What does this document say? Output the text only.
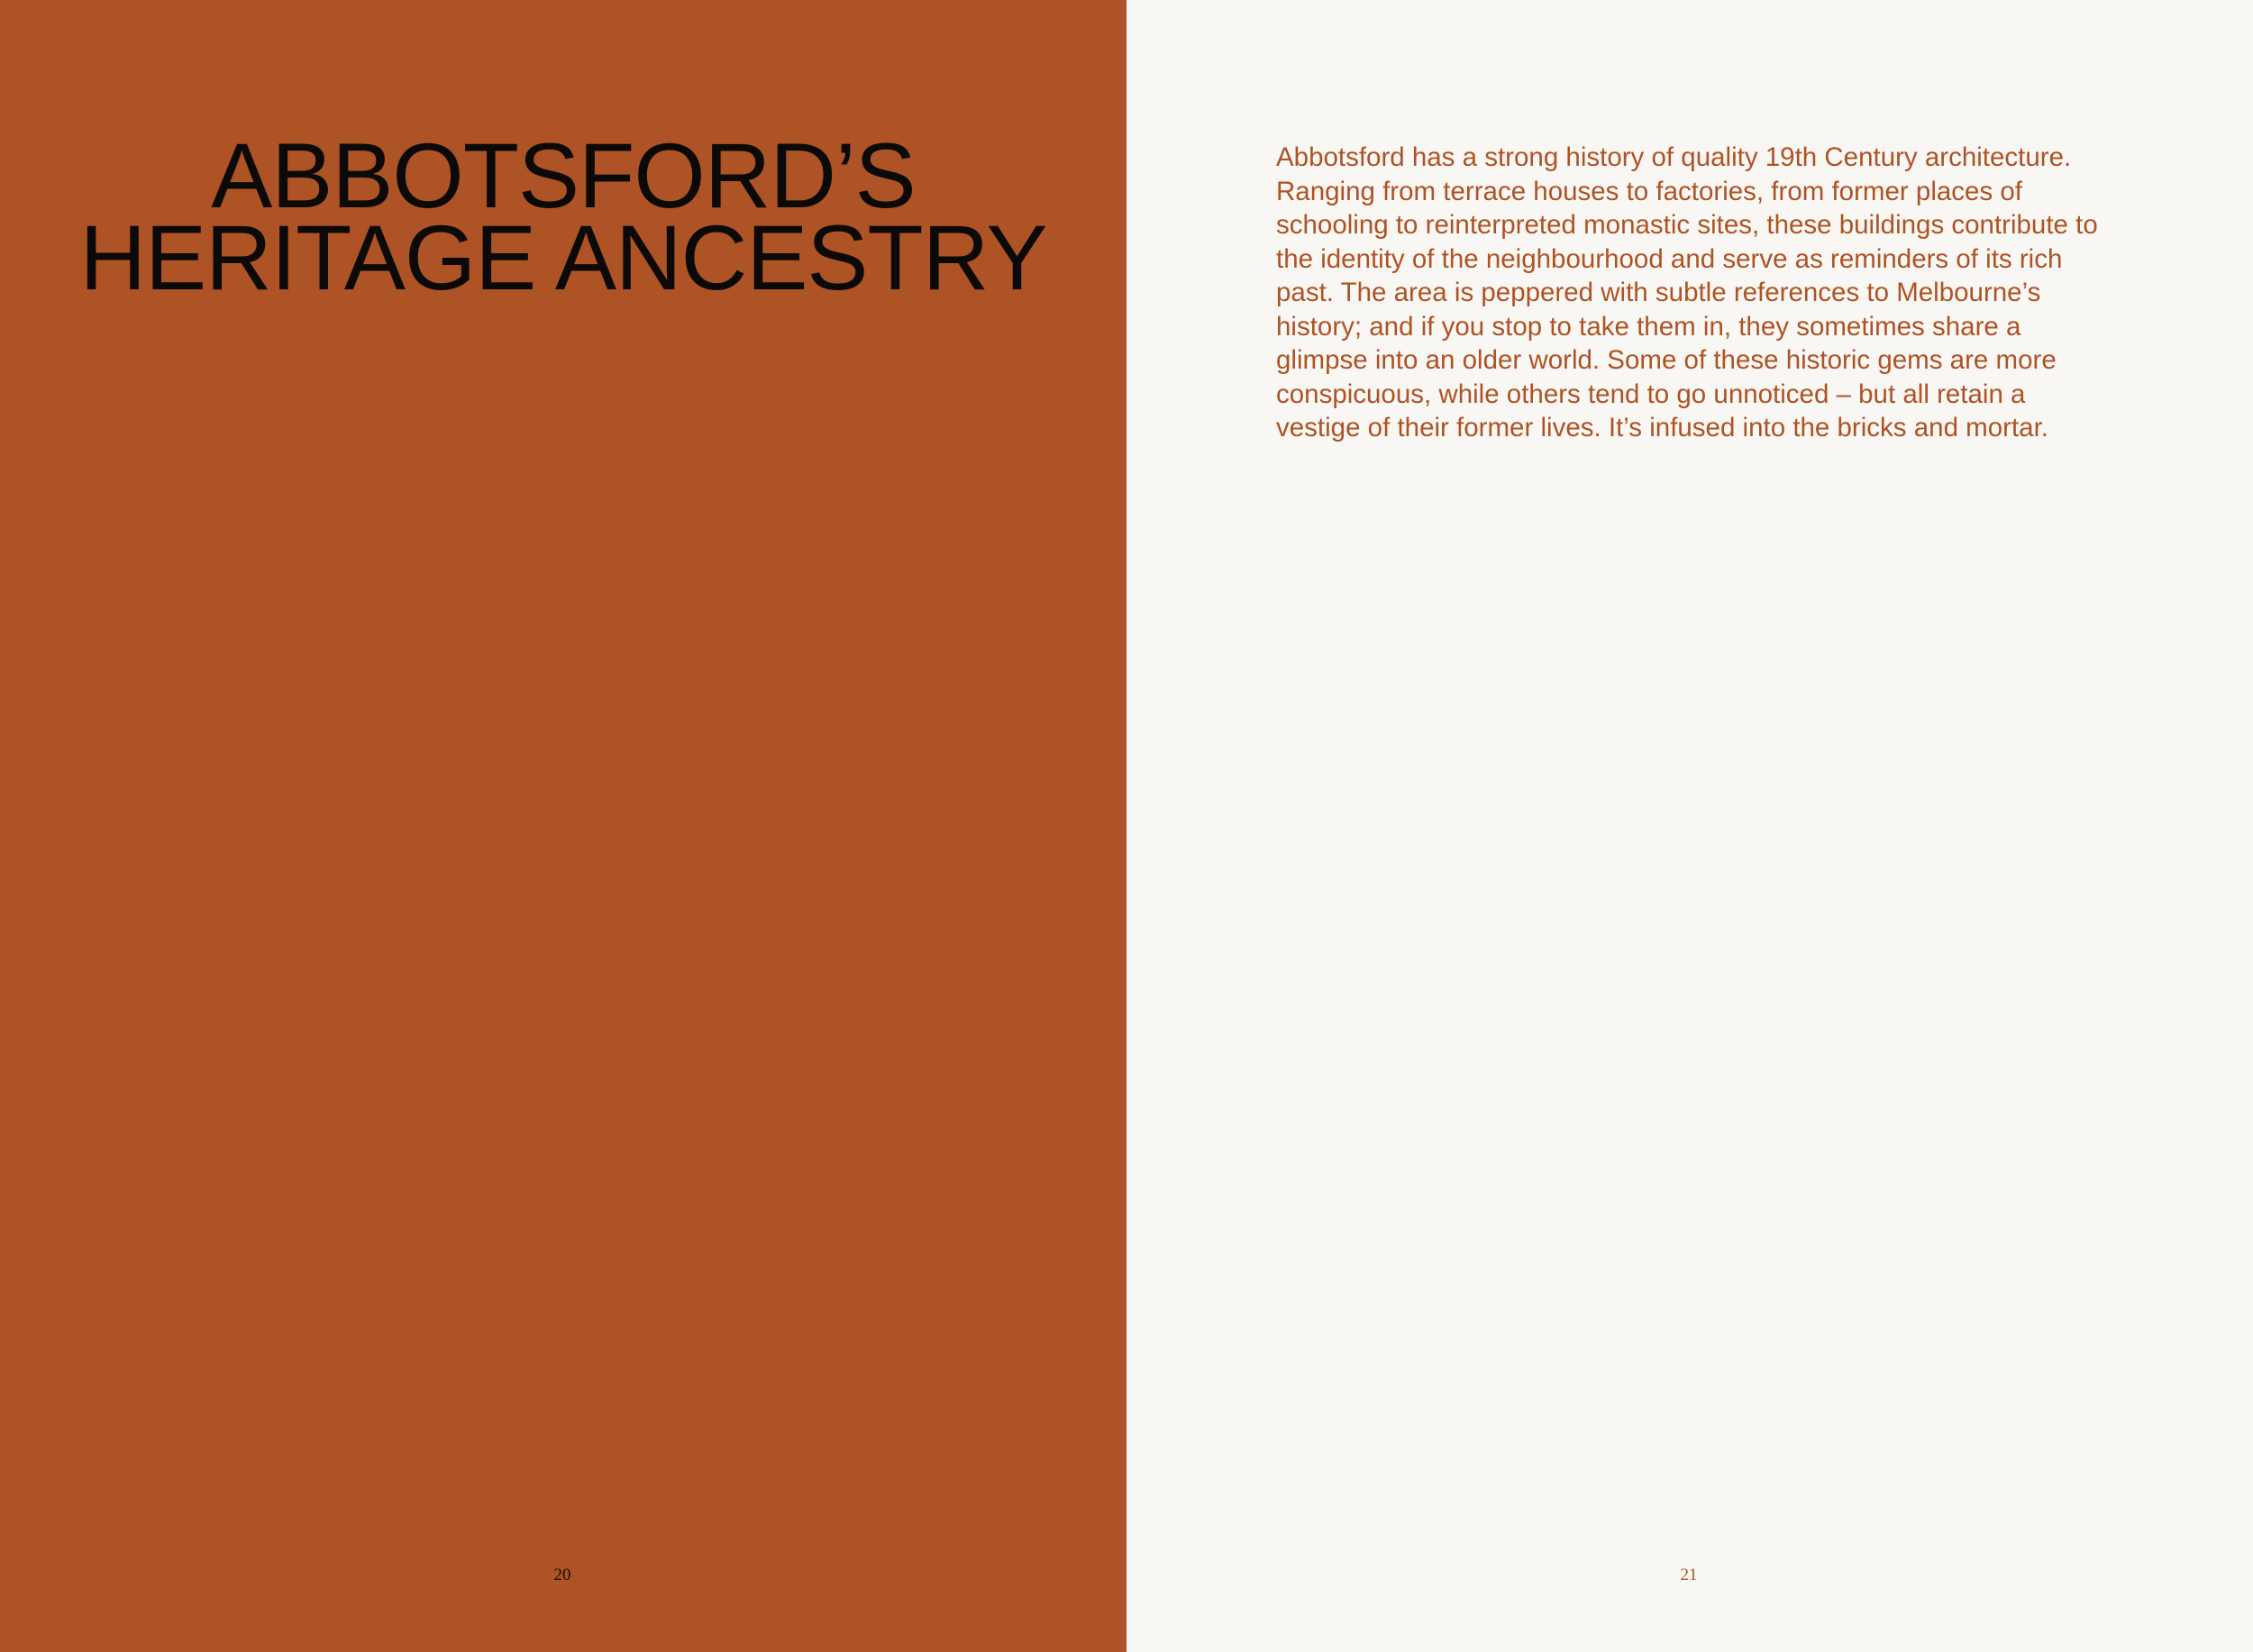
ABBOTSFORD’S
HERITAGE ANCESTRY
20

Abbotsford has a strong history of quality 19th Century architecture. Ranging from terrace houses to factories, from former places of schooling to reinterpreted monastic sites, these buildings contribute to the identity of the neighbourhood and serve as reminders of its rich past. The area is peppered with subtle references to Melbourne’s history; and if you stop to take them in, they sometimes share a glimpse into an older world. Some of these historic gems are more conspicuous, while others tend to go unnoticed – but all retain a vestige of their former lives. It’s infused into the bricks and mortar.

21
